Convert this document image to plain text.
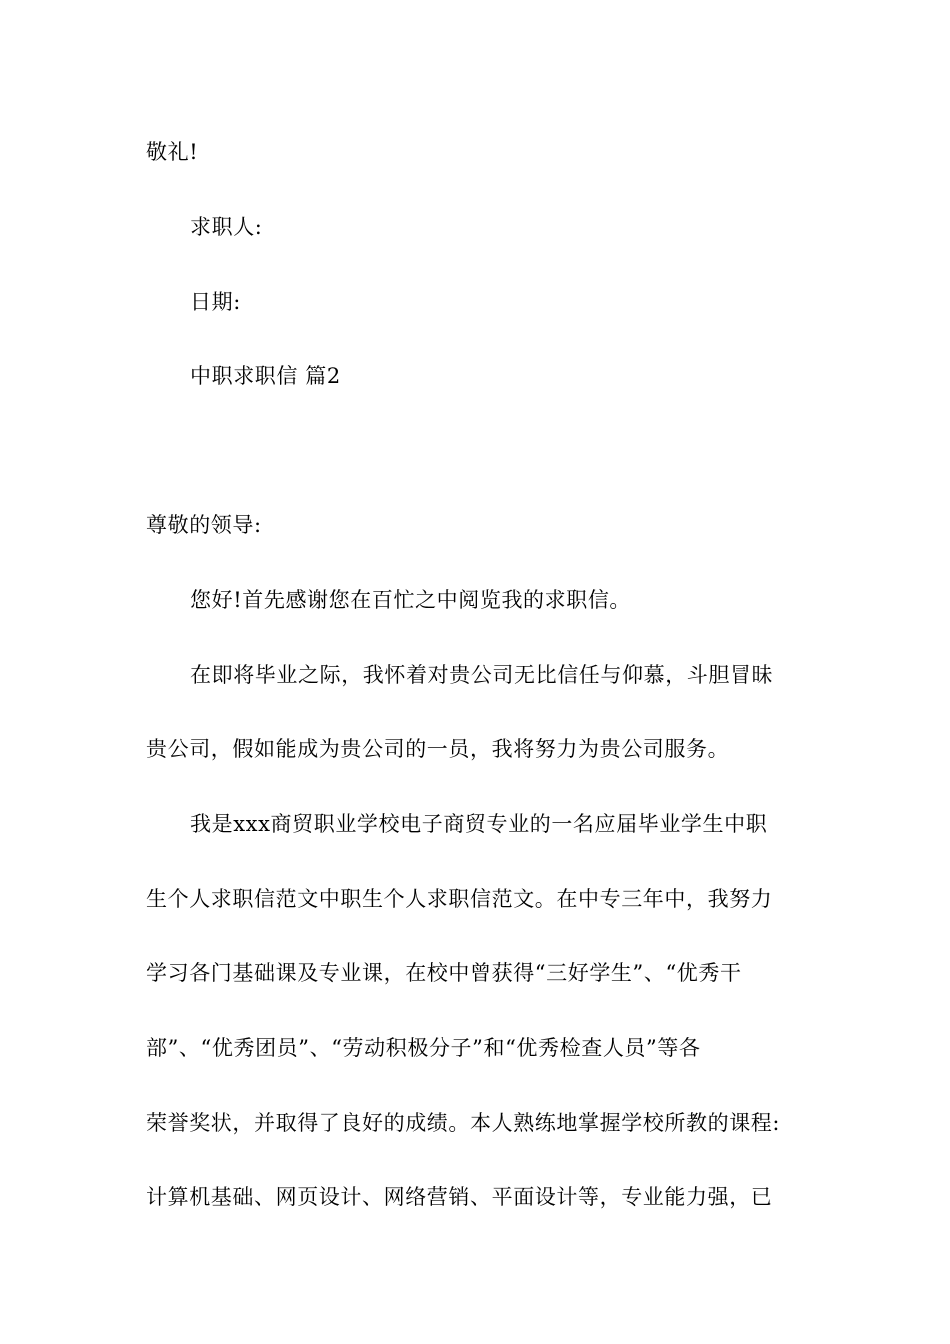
敬礼!
求职人:
日期:
中职求职信 篇2
尊敬的领导:
您好!首先感谢您在百忙之中阅览我的求职信。
在即将毕业之际，我怀着对贵公司无比信任与仰慕，斗胆冒昧
贵公司，假如能成为贵公司的一员，我将努力为贵公司服务。
我是xxx商贸职业学校电子商贸专业的一名应届毕业学生中职
生个人求职信范文中职生个人求职信范文。在中专三年中，我努力
学习各门基础课及专业课，在校中曾获得“三好学生”、“优秀干
部”、“优秀团员”、“劳动积极分子”和“优秀检查人员”等各
荣誉奖状，并取得了良好的成绩。本人熟练地掌握学校所教的课程:
计算机基础、网页设计、网络营销、平面设计等，专业能力强，已
